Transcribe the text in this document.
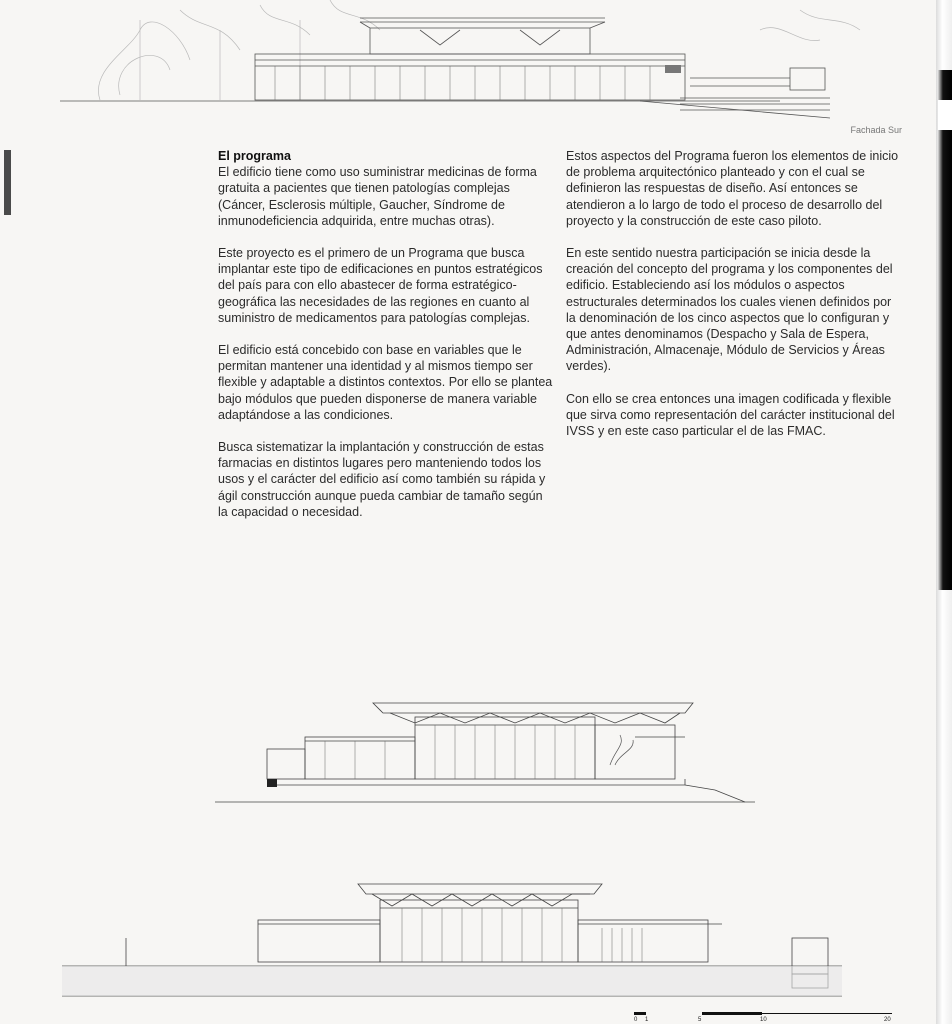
Fachada Sur
El programa

El edificio tiene como uso suministrar medicinas de forma gratuita a pacientes que tienen patologías complejas (Cáncer, Esclerosis múltiple, Gaucher, Síndrome de inmunodeficiencia adquirida, entre muchas otras).

Este proyecto es el primero de un Programa que busca implantar este tipo de edificaciones en puntos estratégicos del país para con ello abastecer de forma estratégico-geográfica las necesidades de las regiones en cuanto al suministro de medicamentos para patologías complejas.

El edificio está concebido con base en variables que le permitan mantener una identidad y al mismos tiempo ser flexible y adaptable a distintos contextos. Por ello se plantea bajo módulos que pueden disponerse de manera variable adaptándose a las condiciones.

Busca sistematizar la implantación y construcción de estas farmacias en distintos lugares pero manteniendo todos los usos y el carácter del edificio así como también su rápida y ágil construcción aunque pueda cambiar de tamaño según la capacidad o necesidad.

Estos aspectos del Programa fueron los elementos de inicio de problema arquitectónico planteado y con el cual se definieron las respuestas de diseño. Así entonces se atendieron a lo largo de todo el proceso de desarrollo del proyecto y la construcción de este caso piloto.

En este sentido nuestra participación se inicia desde la creación del concepto del programa y los componentes del edificio. Estableciendo así los módulos o aspectos estructurales determinados los cuales vienen definidos por la denominación de los cinco aspectos que lo configuran y que antes denominamos (Despacho y Sala de Espera, Administración, Almacenaje, Módulo de Servicios y Áreas verdes).

Con ello se crea entonces una imagen codificada y flexible que sirva como representación del carácter institucional del IVSS y en este caso particular el de las FMAC.

0 1	5	10	20
